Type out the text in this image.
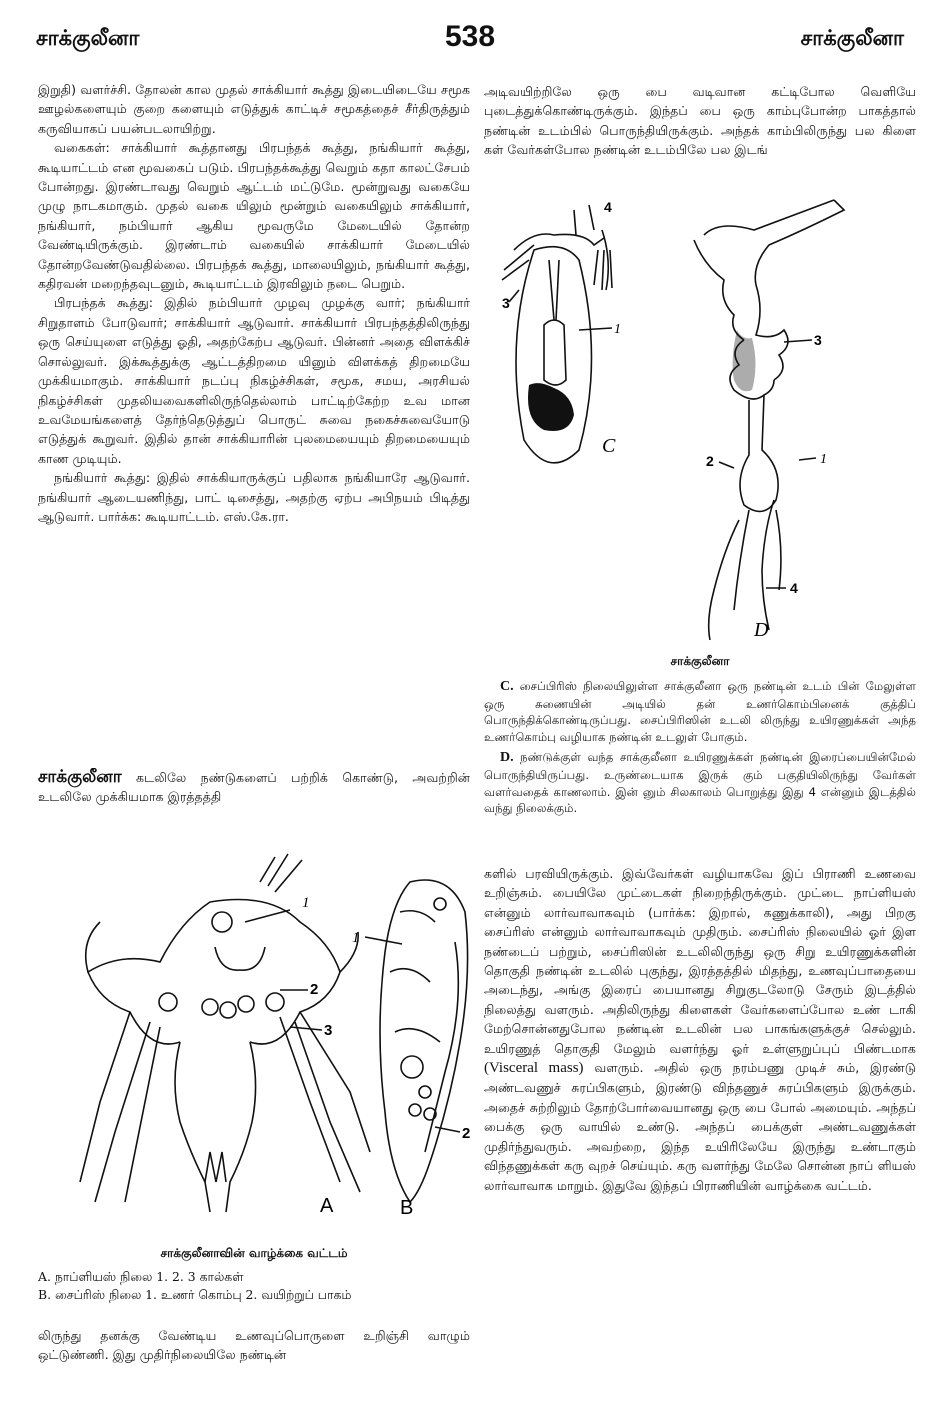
சாக்குலீனா	538	சாக்குலீனா

இறுதி) வளர்ச்சி. தோலன் கால முதல் சாக்கியார் கூத்து இடையிடையே சமூக ஊழல்களையும் குறை களையும் எடுத்துக் காட்டிச் சமூகத்தைச் சீர்திருத்தும் கருவியாகப் பயன்படலாயிற்று.

வகைகள்: சாக்கியார் கூத்தானது பிரபந்தக் கூத்து, நங்கியார் கூத்து, கூடியாட்டம் என மூவகைப் படும். பிரபந்தக்கூத்து வெறும் கதா காலட்சேபம் போன்றது. இரண்டாவது வெறும் ஆட்டம் மட்டுமே. மூன்றுவது வகையே முழு நாடகமாகும். முதல் வகை யிலும் மூன்றும் வகையிலும் சாக்கியார், நங்கியார், நம்பியார் ஆகிய மூவருமே மேடையில் தோன்ற வேண்டியிருக்கும். இரண்டாம் வகையில் சாக்கியார் மேடையில் தோன்றவேண்டுவதில்லை. பிரபந்தக் கூத்து, மாலையிலும், நங்கியார் கூத்து, கதிரவன் மறைந்தவுடனும், கூடியாட்டம் இரவிலும் நடை பெறும்.

பிரபந்தக் கூத்து: இதில் நம்பியார் முழவு முழக்கு வார்; நங்கியார் சிறுதாளம் போடுவார்; சாக்கியார் ஆடுவார். சாக்கியார் பிரபந்தத்திலிருந்து ஒரு செய்யுளை எடுத்து ஓதி, அதற்கேற்ப ஆடுவர். பின்னர் அதை விளக்கிச் சொல்லுவர். இக்கூத்துக்கு ஆட்டத்திறமை யினும் விளக்கத் திறமையே முக்கியமாகும். சாக்கியார் நடப்பு நிகழ்ச்சிகள், சமூக, சமய, அரசியல் நிகழ்ச்சிகள் முதலியவைகளிலிருந்தெல்லாம் பாட்டிற்கேற்ற உவ மான உவமேயங்களைத் தேர்ந்தெடுத்துப் பொருட் சுவை நகைச்சுவையோடு எடுத்துக் கூறுவர். இதில் தான் சாக்கியாரின் புலமையையும் திறமையையும் காண முடியும்.

நங்கியார் கூத்து: இதில் சாக்கியாருக்குப் பதிலாக நங்கியாரே ஆடுவார். நங்கியார் ஆடையணிந்து, பாட் டிசைத்து, அதற்கு ஏற்ப அபிநயம் பிடித்து ஆடுவார். பார்க்க: கூடியாட்டம். எஸ்.கே.ரா.

சாக்குலீனா கடலிலே நண்டுகளைப் பற்றிக் கொண்டு, அவற்றின் உடலிலே முக்கியமாக இரத்தத்தி

1
2
3
1
2
A	B

சாக்குலீனாவின் வாழ்க்கை வட்டம்

A. நாப்ளியஸ் நிலை 1. 2. 3 கால்கள்

B. சைப்ரிஸ் நிலை 1. உணர் கொம்பு 2. வயிற்றுப் பாகம்

லிருந்து தனக்கு வேண்டிய உணவுப்பொருளை உறிஞ்சி வாழும் ஒட்டுண்ணி. இது முதிர்நிலையிலே நண்டின்

அடிவயிற்றிலே ஒரு பை வடிவான கட்டிபோல வெளியே புடைத்துக்கொண்டிருக்கும். இந்தப் பை ஒரு காம்புபோன்ற பாகத்தால் நண்டின் உடம்பில் பொருந்தியிருக்கும். அந்தக் காம்பிலிருந்து பல கிளை கள் வேர்கள்போல நண்டின் உடம்பிலே பல இடங்

3
1
4
C
3
2	1
4
D

சாக்குலீனா

C. சைப்பிரிஸ் நிலையிலுள்ள சாக்குலீனா ஒரு நண்டின் உடம் பின் மேலுள்ள ஒரு சுணையின் அடியில் தன் உணர்கொம்பினைக் குத்திப் பொருந்திக்கொண்டிருப்பது. சைப்பிரிஸின் உடலி லிருந்து உயிரணுக்கள் அந்த உணர்கொம்பு வழியாக நண்டின் உடலுள் போகும்.

D. நண்டுக்குள் வந்த சாக்குலீனா உயிரணுக்கள் நண்டின் இரைப்பையின்மேல் பொருந்தியிருப்பது. உருண்டையாக இருக் கும் பகுதியிலிருந்து வேர்கள் வளர்வதைக் காணலாம். இன் னும் சிலகாலம் பொறுத்து இது 4 என்னும் இடத்தில் வந்து நிலைக்கும்.

களில் பரவியிருக்கும். இவ்வேர்கள் வழியாகவே இப் பிராணி உணவை உறிஞ்சும். பையிலே முட்டைகள் நிறைந்திருக்கும். முட்டை நாப்ளியஸ் என்னும் லார்வாவாகவும் (பார்க்க: இறால், கணுக்காலி), அது பிறகு சைப்ரிஸ் என்னும் லார்வாவாகவும் முதிரும். சைப்ரிஸ் நிலையில் ஓர் இள நண்டைப் பற்றும், சைப்ரிஸின் உடலிலிருந்து ஒரு சிறு உயிரணுக்களின் தொகுதி நண்டின் உடலில் புகுந்து, இரத்தத்தில் மிதந்து, உணவுப்பாதையை அடைந்து, அங்கு இரைப் பையானது சிறுகுடலோடு சேரும் இடத்தில் நிலைத்து வளரும். அதிலிருந்து கிளைகள் வேர்களைப்போல உண் டாகி மேற்சொன்னதுபோல நண்டின் உடலின் பல பாகங்களுக்குச் செல்லும். உயிரணுத் தொகுதி மேலும் வளர்ந்து ஓர் உள்ளுறுப்புப் பிண்டமாக (Visceral mass) வளரும். அதில் ஒரு நரம்பணு முடிச் சும், இரண்டு அண்டவணுச் சுரப்பிகளும், இரண்டு விந்தணுச் சுரப்பிகளும் இருக்கும். அதைச் சுற்றிலும் தோற்போர்வையானது ஒரு பை போல் அமையும். அந்தப் பைக்கு ஒரு வாயில் உண்டு. அந்தப் பைக்குள் அண்டவணுக்கள் முதிர்ந்துவரும். அவற்றை, இந்த உயிரிலேயே இருந்து உண்டாகும் விந்தணுக்கள் கரு வுறச் செய்யும். கரு வளர்ந்து மேலே சொன்ன நாப் ளியஸ் லார்வாவாக மாறும். இதுவே இந்தப் பிராணியின் வாழ்க்கை வட்டம்.
